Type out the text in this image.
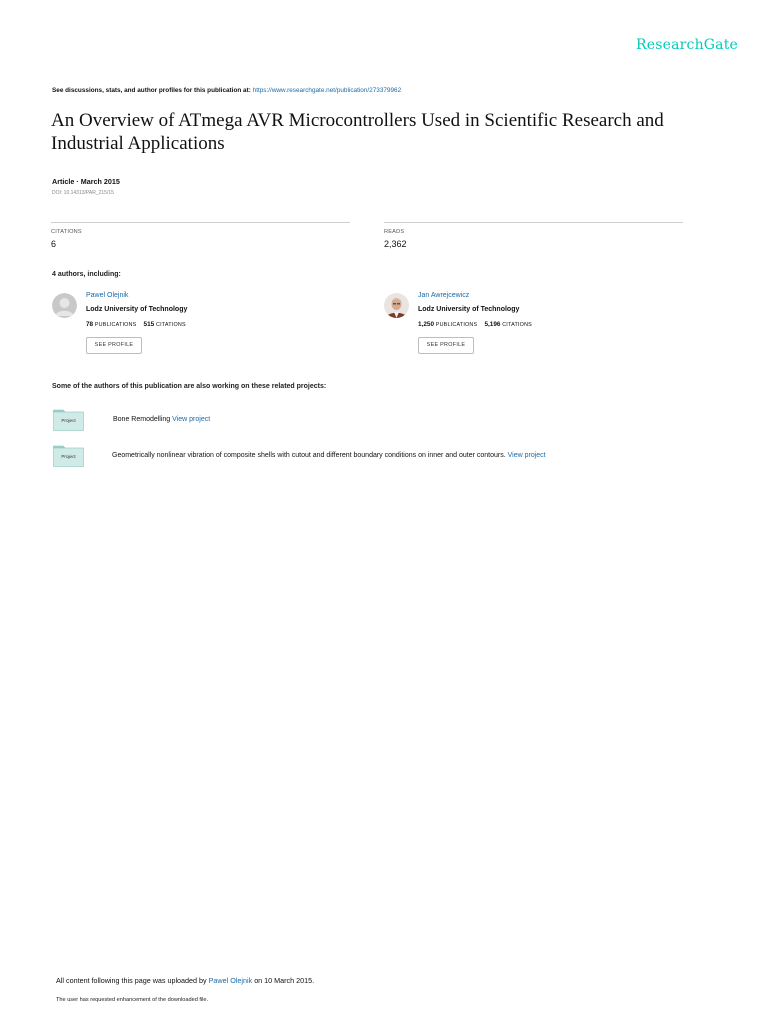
ResearchGate
See discussions, stats, and author profiles for this publication at: https://www.researchgate.net/publication/273379962
An Overview of ATmega AVR Microcontrollers Used in Scientific Research and Industrial Applications
Article · March 2015
DOI: 10.14313/PAR_215/15
CITATIONS
6
READS
2,362
4 authors, including:
Pawel Olejnik
Lodz University of Technology
78 PUBLICATIONS 515 CITATIONS
SEE PROFILE
Jan Awrejcewicz
Lodz University of Technology
1,250 PUBLICATIONS 5,196 CITATIONS
SEE PROFILE
Some of the authors of this publication are also working on these related projects:
Project	Bone Remodelling View project
Project	Geometrically nonlinear vibration of composite shells with cutout and different boundary conditions on inner and outer contours. View project
All content following this page was uploaded by Pawel Olejnik on 10 March 2015.
The user has requested enhancement of the downloaded file.
